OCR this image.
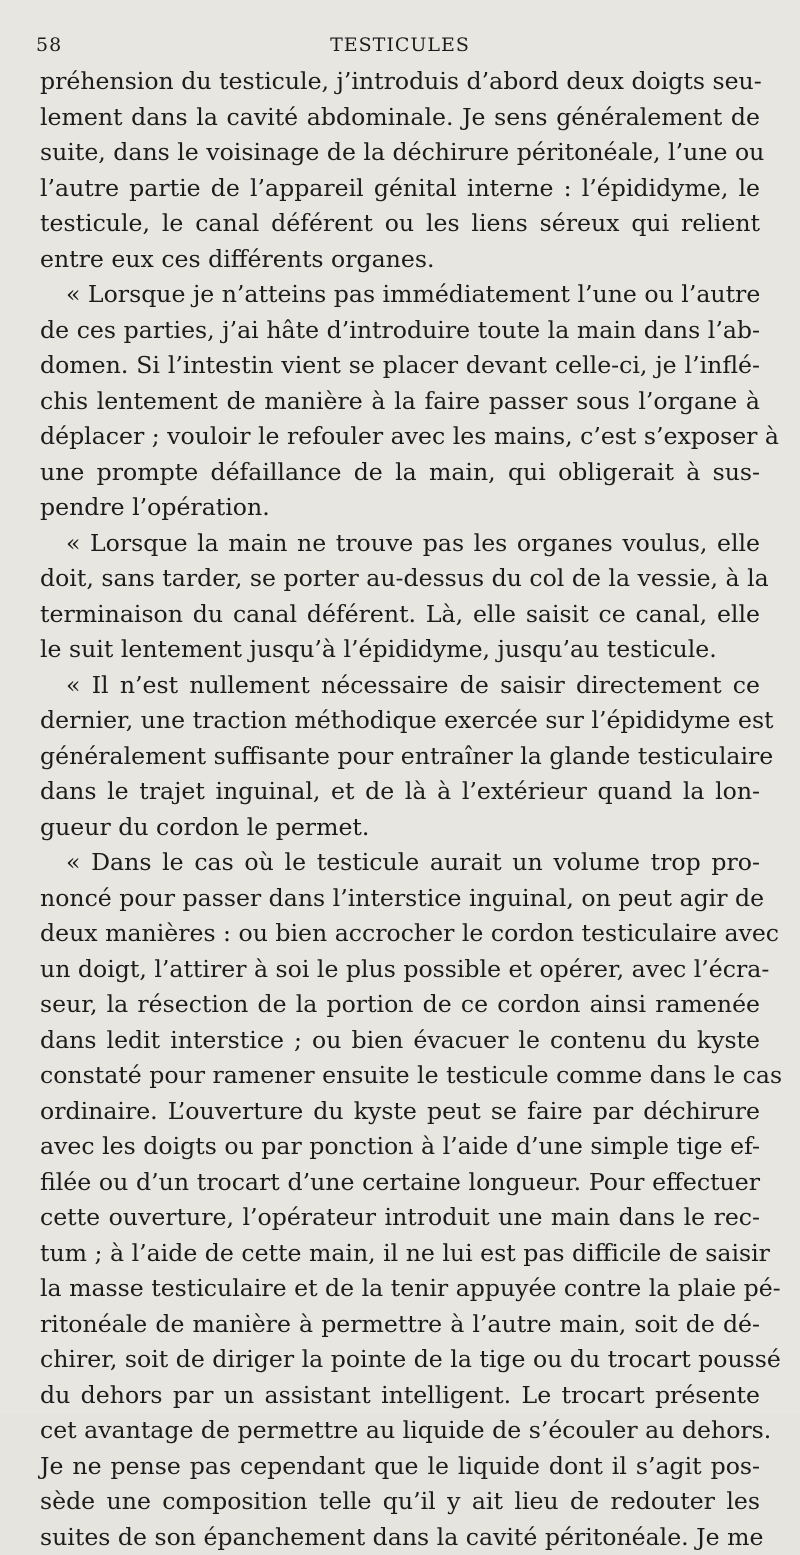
58	TESTICULES
préhension du testicule, j’introduis d’abord deux doigts seu-
lement dans la cavité abdominale. Je sens généralement de
suite, dans le voisinage de la déchirure péritonéale, l’une ou
l’autre partie de l’appareil génital interne : l’épididyme, le
testicule, le canal déférent ou les liens séreux qui relient
entre eux ces différents organes.
« Lorsque je n’atteins pas immédiatement l’une ou l’autre
de ces parties, j’ai hâte d’introduire toute la main dans l’ab-
domen. Si l’intestin vient se placer devant celle-ci, je l’inflé-
chis lentement de manière à la faire passer sous l’organe à
déplacer ; vouloir le refouler avec les mains, c’est s’exposer à
une prompte défaillance de la main, qui obligerait à sus-
pendre l’opération.
« Lorsque la main ne trouve pas les organes voulus, elle
doit, sans tarder, se porter au-dessus du col de la vessie, à la
terminaison du canal déférent. Là, elle saisit ce canal, elle
le suit lentement jusqu’à l’épididyme, jusqu’au testicule.
« Il n’est nullement nécessaire de saisir directement ce
dernier, une traction méthodique exercée sur l’épididyme est
généralement suffisante pour entraîner la glande testiculaire
dans le trajet inguinal, et de là à l’extérieur quand la lon-
gueur du cordon le permet.
« Dans le cas où le testicule aurait un volume trop pro-
noncé pour passer dans l’interstice inguinal, on peut agir de
deux manières : ou bien accrocher le cordon testiculaire avec
un doigt, l’attirer à soi le plus possible et opérer, avec l’écra-
seur, la résection de la portion de ce cordon ainsi ramenée
dans ledit interstice ; ou bien évacuer le contenu du kyste
constaté pour ramener ensuite le testicule comme dans le cas
ordinaire. L’ouverture du kyste peut se faire par déchirure
avec les doigts ou par ponction à l’aide d’une simple tige ef-
filée ou d’un trocart d’une certaine longueur. Pour effectuer
cette ouverture, l’opérateur introduit une main dans le rec-
tum ; à l’aide de cette main, il ne lui est pas difficile de saisir
la masse testiculaire et de la tenir appuyée contre la plaie pé-
ritonéale de manière à permettre à l’autre main, soit de dé-
chirer, soit de diriger la pointe de la tige ou du trocart poussé
du dehors par un assistant intelligent. Le trocart présente
cet avantage de permettre au liquide de s’écouler au dehors.
Je ne pense pas cependant que le liquide dont il s’agit pos-
sède une composition telle qu’il y ait lieu de redouter les
suites de son épanchement dans la cavité péritonéale. Je me
